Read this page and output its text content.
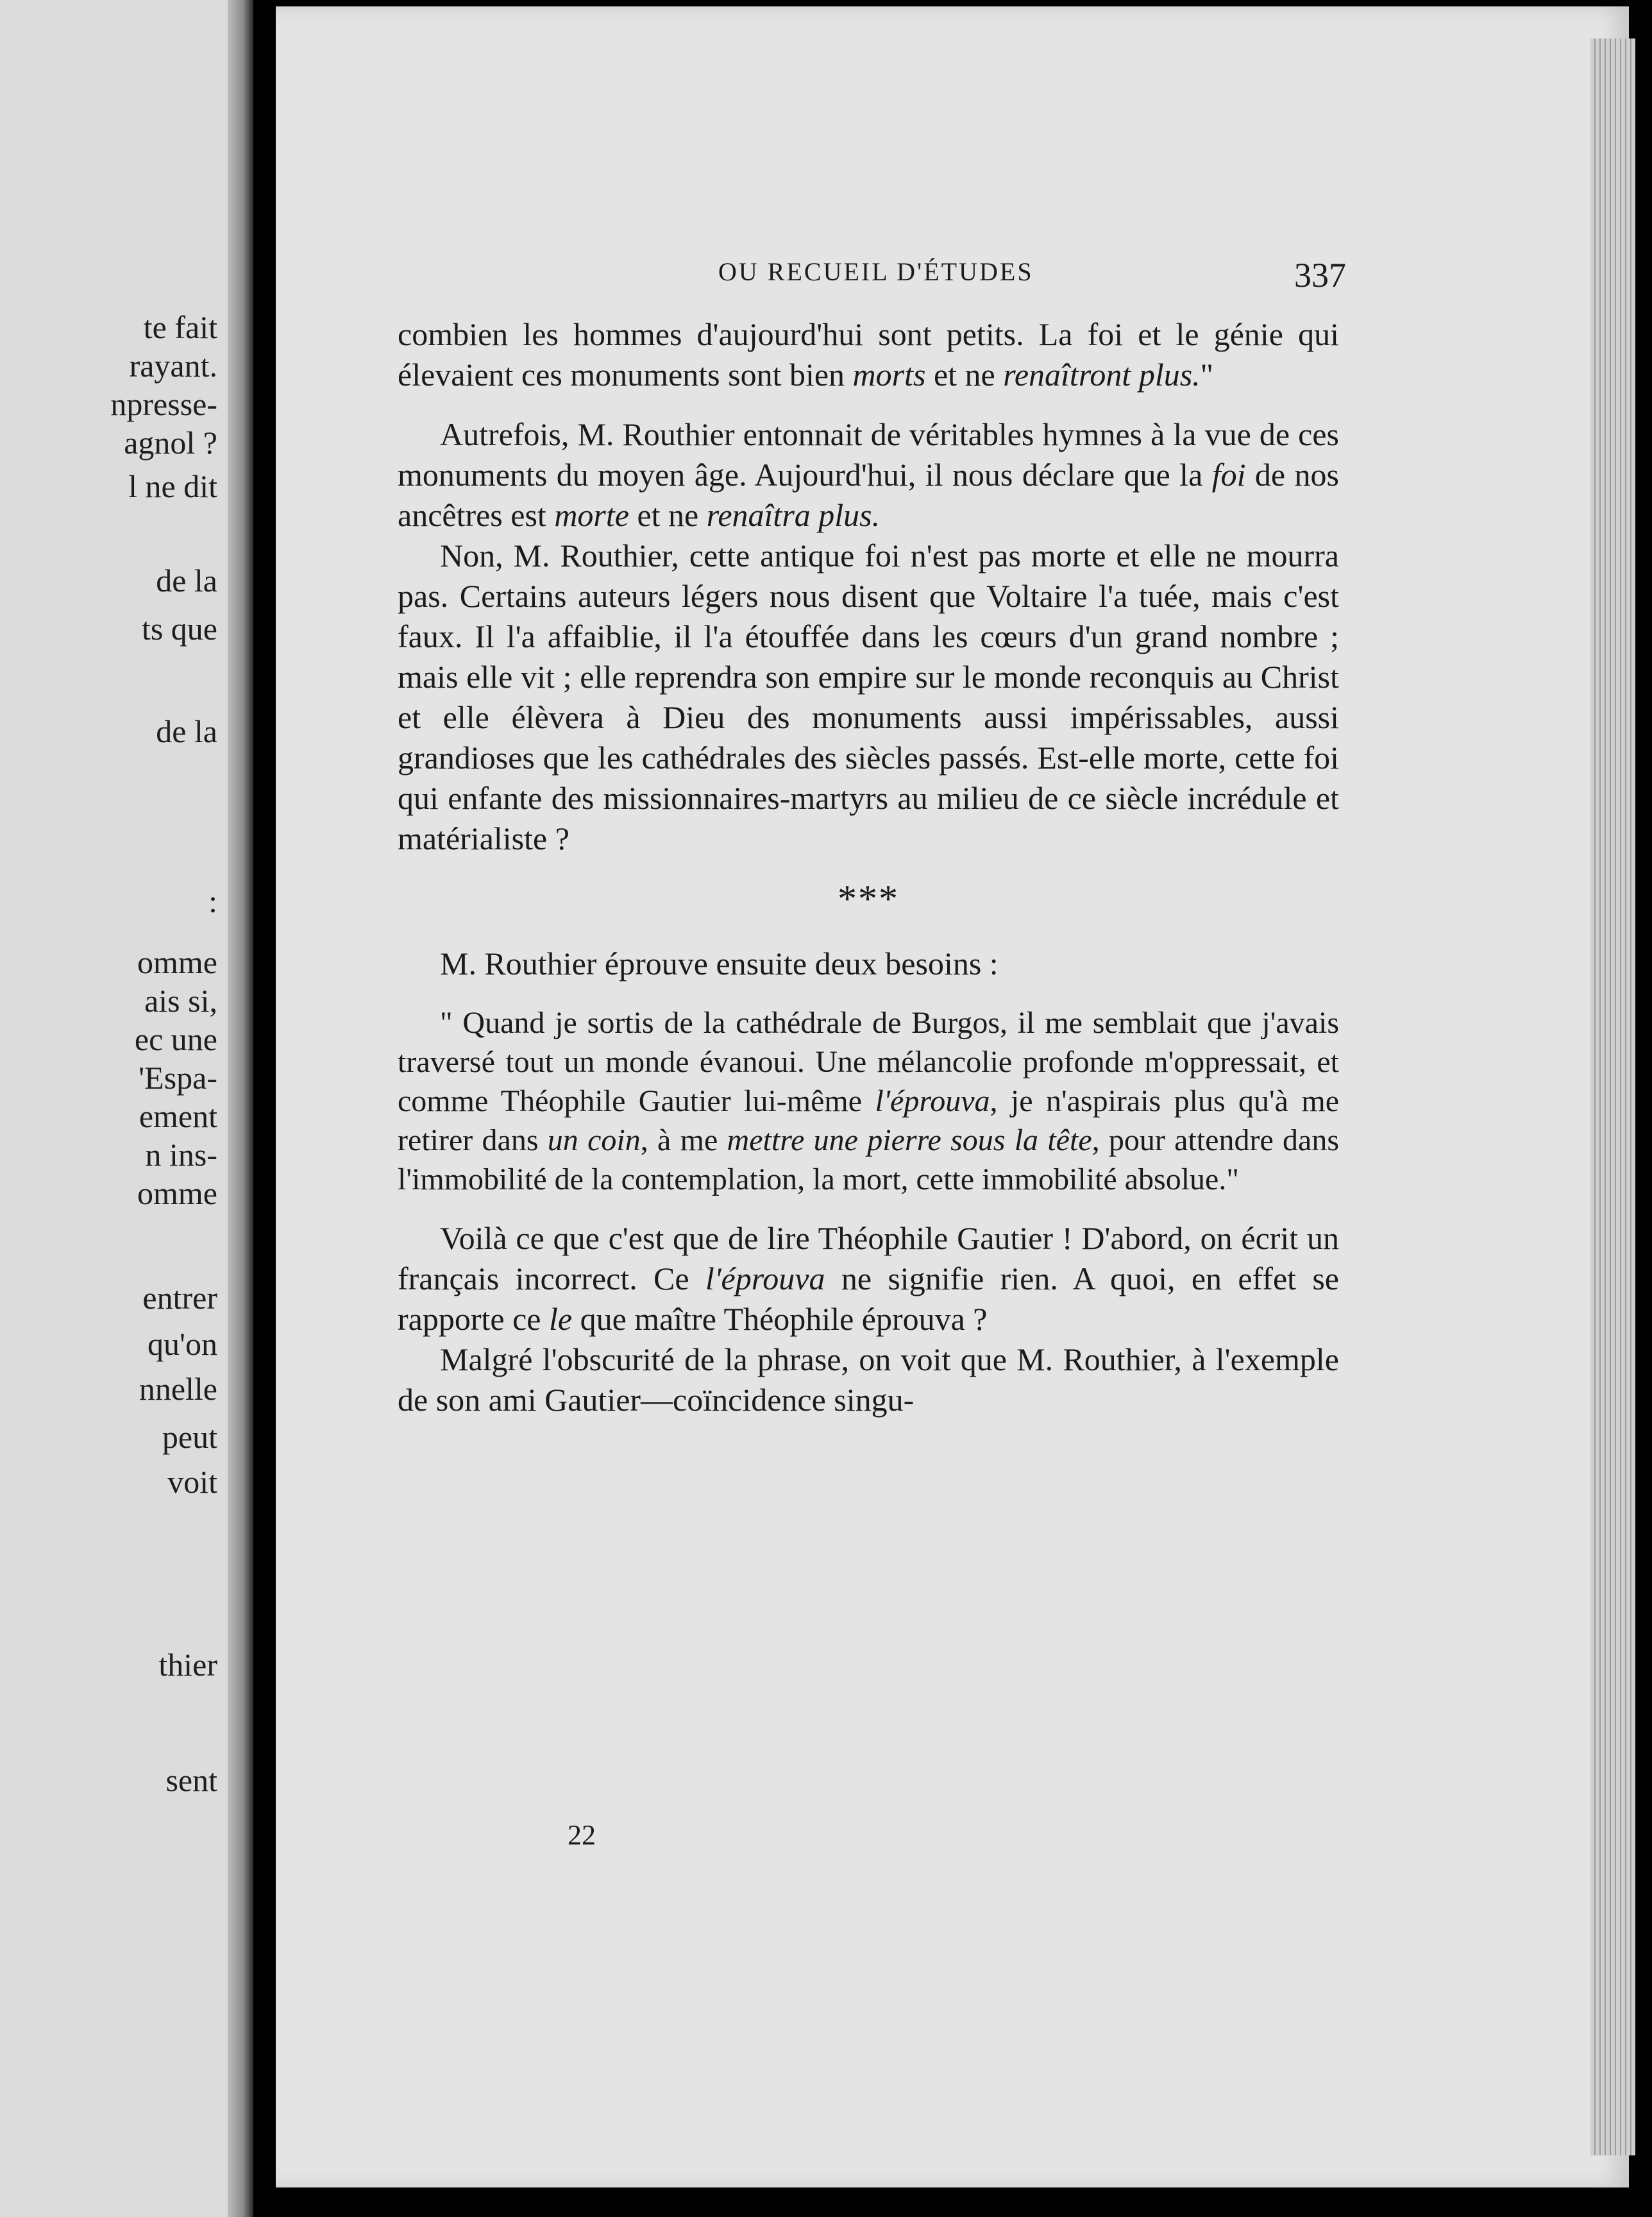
te fait
rayant.
npresse-
agnol ?
l ne dit
de la
ts que
de la
:
omme
ais si,
ec une
'Espa-
ement
n ins-
omme
entrer
qu'on
nnelle
peut
voit
thier
sent
OU RECUEIL D'ÉTUDES	337

combien les hommes d'aujourd'hui sont petits. La foi et le génie qui élevaient ces monuments sont bien morts et ne renaîtront plus."

Autrefois, M. Routhier entonnait de véritables hymnes à la vue de ces monuments du moyen âge. Aujourd'hui, il nous déclare que la foi de nos ancêtres est morte et ne renaîtra plus.

Non, M. Routhier, cette antique foi n'est pas morte et elle ne mourra pas. Certains auteurs légers nous disent que Voltaire l'a tuée, mais c'est faux. Il l'a affaiblie, il l'a étouffée dans les cœurs d'un grand nombre ; mais elle vit ; elle reprendra son empire sur le monde reconquis au Christ et elle élèvera à Dieu des monuments aussi impérissables, aussi grandioses que les cathédrales des siècles passés. Est-elle morte, cette foi qui enfante des missionnaires-martyrs au milieu de ce siècle incrédule et matérialiste ?

***

M. Routhier éprouve ensuite deux besoins :

" Quand je sortis de la cathédrale de Burgos, il me semblait que j'avais traversé tout un monde évanoui. Une mélancolie profonde m'oppressait, et comme Théophile Gautier lui-même l'éprouva, je n'aspirais plus qu'à me retirer dans un coin, à me mettre une pierre sous la tête, pour attendre dans l'immobilité de la contemplation, la mort, cette immobilité absolue."

Voilà ce que c'est que de lire Théophile Gautier ! D'abord, on écrit un français incorrect. Ce l'éprouva ne signifie rien. A quoi, en effet se rapporte ce le que maître Théophile éprouva ?

Malgré l'obscurité de la phrase, on voit que M. Routhier, à l'exemple de son ami Gautier—coïncidence singu-

22
